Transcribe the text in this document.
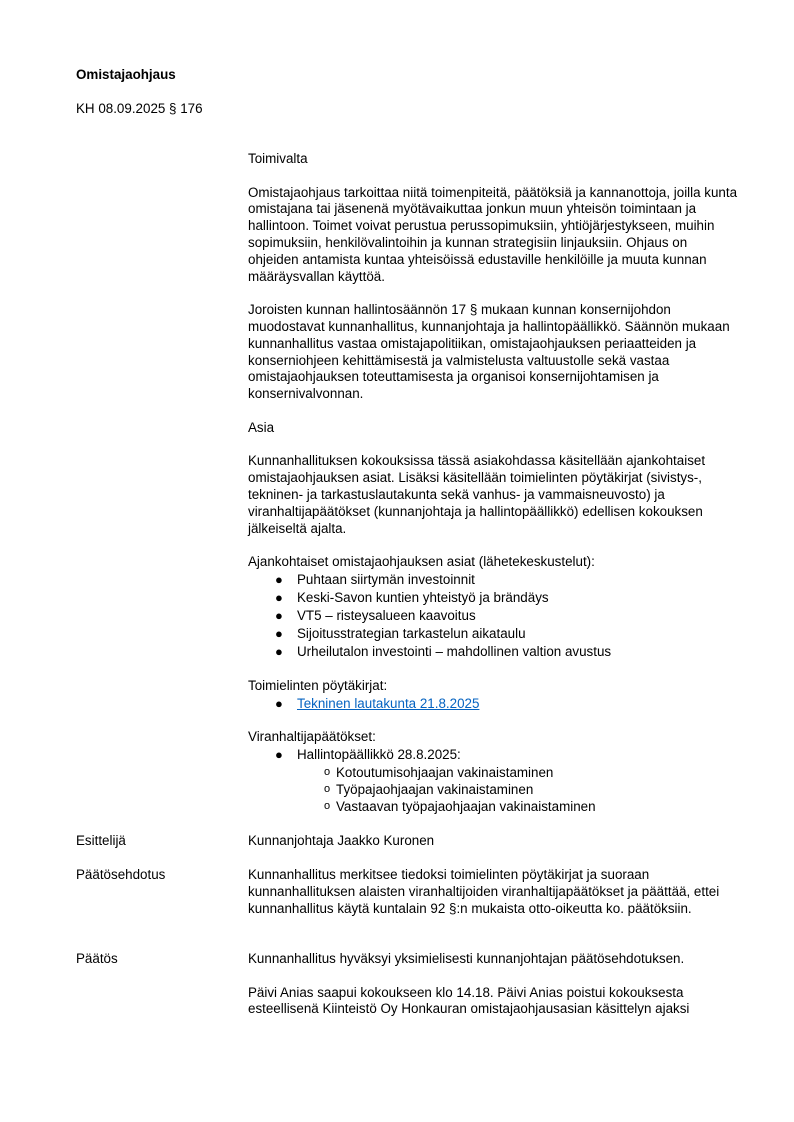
Omistajaohjaus
KH 08.09.2025 § 176

Toimivalta

Omistajaohjaus tarkoittaa niitä toimenpiteitä, päätöksiä ja kannanottoja, joilla kunta omistajana tai jäsenenä myötävaikuttaa jonkun muun yhteisön toimintaan ja hallintoon. Toimet voivat perustua perussopimuksiin, yhtiöjärjestykseen, muihin sopimuksiin, henkilövalintoihin ja kunnan strategisiin linjauksiin. Ohjaus on ohjeiden antamista kuntaa yhteisöissä edustaville henkilöille ja muuta kunnan määräysvallan käyttöä.

Joroisten kunnan hallintosäännön 17 § mukaan kunnan konsernijohdon muodostavat kunnanhallitus, kunnanjohtaja ja hallintopäällikkö. Säännön mukaan kunnanhallitus vastaa omistajapolitiikan, omistajaohjauksen periaatteiden ja konserniohjeen kehittämisestä ja valmistelusta valtuustolle sekä vastaa omistajaohjauksen toteuttamisesta ja organisoi konsernijohtamisen ja konsernivalvonnan.

Asia

Kunnanhallituksen kokouksissa tässä asiakohdassa käsitellään ajankohtaiset omistajaohjauksen asiat. Lisäksi käsitellään toimielinten pöytäkirjat (sivistys-, tekninen- ja tarkastuslautakunta sekä vanhus- ja vammaisneuvosto) ja viranhaltijapäätökset (kunnanjohtaja ja hallintopäällikkö) edellisen kokouksen jälkeiseltä ajalta.

Ajankohtaiset omistajaohjauksen asiat (lähetekeskustelut):

● Puhtaan siirtymän investoinnit
● Keski-Savon kuntien yhteistyö ja brändäys
● VT5 – risteysalueen kaavoitus
● Sijoitusstrategian tarkastelun aikataulu
● Urheilutalon investointi – mahdollinen valtion avustus

Toimielinten pöytäkirjat:

● Tekninen lautakunta 21.8.2025

Viranhaltijapäätökset:

● Hallintopäällikkö 28.8.2025:
o Kotoutumisohjaajan vakinaistaminen
o Työpajaohjaajan vakinaistaminen
o Vastaavan työpajaohjaajan vakinaistaminen
Esittelijä	Kunnanjohtaja Jaakko Kuronen

Päätösehdotus	Kunnanhallitus merkitsee tiedoksi toimielinten pöytäkirjat ja suoraan kunnanhallituksen alaisten viranhaltijoiden viranhaltijapäätökset ja päättää, ettei kunnanhallitus käytä kuntalain 92 §:n mukaista otto-oikeutta ko. päätöksiin.

Päätös	Kunnanhallitus hyväksyi yksimielisesti kunnanjohtajan päätösehdotuksen.

Päivi Anias saapui kokoukseen klo 14.18. Päivi Anias poistui kokouksesta esteellisenä Kiinteistö Oy Honkauran omistajaohjausasian käsittelyn ajaksi
